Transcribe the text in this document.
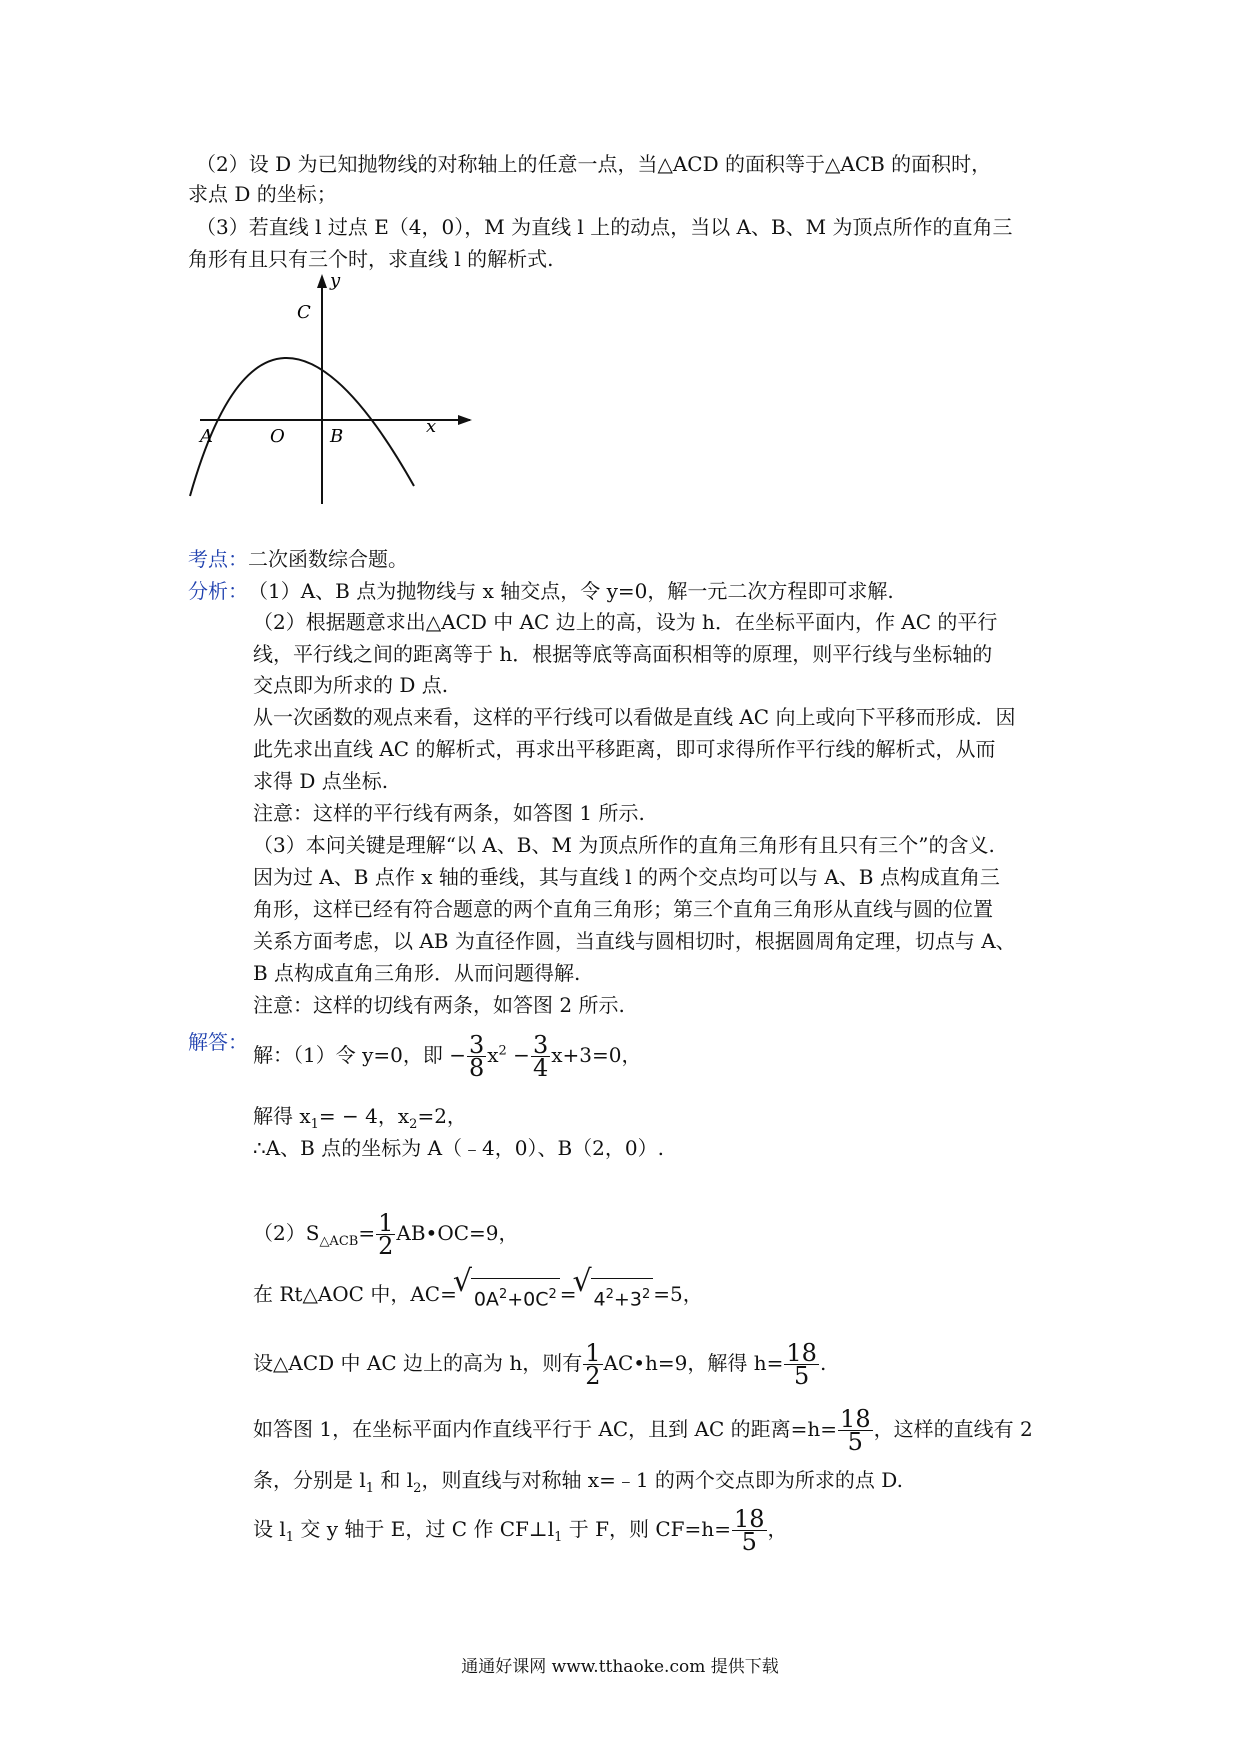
（2）设 D 为已知抛物线的对称轴上的任意一点，当△ACD 的面积等于△ACB 的面积时，
求点 D 的坐标；
（3）若直线 l 过点 E（4，0），M 为直线 l 上的动点，当以 A、B、M 为顶点所作的直角三
角形有且只有三个时，求直线 l 的解析式.
y
x
C
A	O	B
考点：二次函数综合题。
分析： （1）A、B 点为抛物线与 x 轴交点，令 y=0，解一元二次方程即可求解.
（2）根据题意求出△ACD 中 AC 边上的高，设为 h．在坐标平面内，作 AC 的平行
线，平行线之间的距离等于 h．根据等底等高面积相等的原理，则平行线与坐标轴的
交点即为所求的 D 点.
从一次函数的观点来看，这样的平行线可以看做是直线 AC 向上或向下平移而形成．因
此先求出直线 AC 的解析式，再求出平移距离，即可求得所作平行线的解析式，从而
求得 D 点坐标.
注意：这样的平行线有两条，如答图 1 所示.
（3）本问关键是理解“以 A、B、M 为顶点所作的直角三角形有且只有三个”的含义.
因为过 A、B 点作 x 轴的垂线，其与直线 l 的两个交点均可以与 A、B 点构成直角三
角形，这样已经有符合题意的两个直角三角形；第三个直角三角形从直线与圆的位置
关系方面考虑，以 AB 为直径作圆，当直线与圆相切时，根据圆周角定理，切点与 A、
B 点构成直角三角形．从而问题得解.
注意：这样的切线有两条，如答图 2 所示.
解答：
解：（1）令 y=0，即 − $\frac{3}{8} x^2 - \frac{3}{4} x+3=0$，
解得 $x_1= - 4$，$x_2=2$，
∴A、B 点的坐标为 A（﹣4，0）、B（2，0）.
$(2)S_{\triangle ACB}= \frac{1}{2}$ AB•OC=9，
在 Rt△AOC 中，AC=
√
$0A^2+0C^2$ =
√
$4^2+3^2 =5$，
设△ACD 中 AC 边上的高为 h，则有 $\frac{1}{2}$ AC•h=9，解得 $h= \frac{18}{5}$ .
如答图 1，在坐标平面内作直线平行于 AC，且到 AC 的距离$=h= \frac{18}{5}$ ，这样的直线有 2
条，分别是 $l_1$ 和 $l_2$，则直线与对称轴 x=﹣1 的两个交点即为所求的点 D.
设 $l_1$ 交 y 轴于 E，过 C 作 $CF\perp l_1$ 于 F，则 $CF=h= \frac{18}{5}$ ，
通通好课网 www.tthaoke.com 提供下载
